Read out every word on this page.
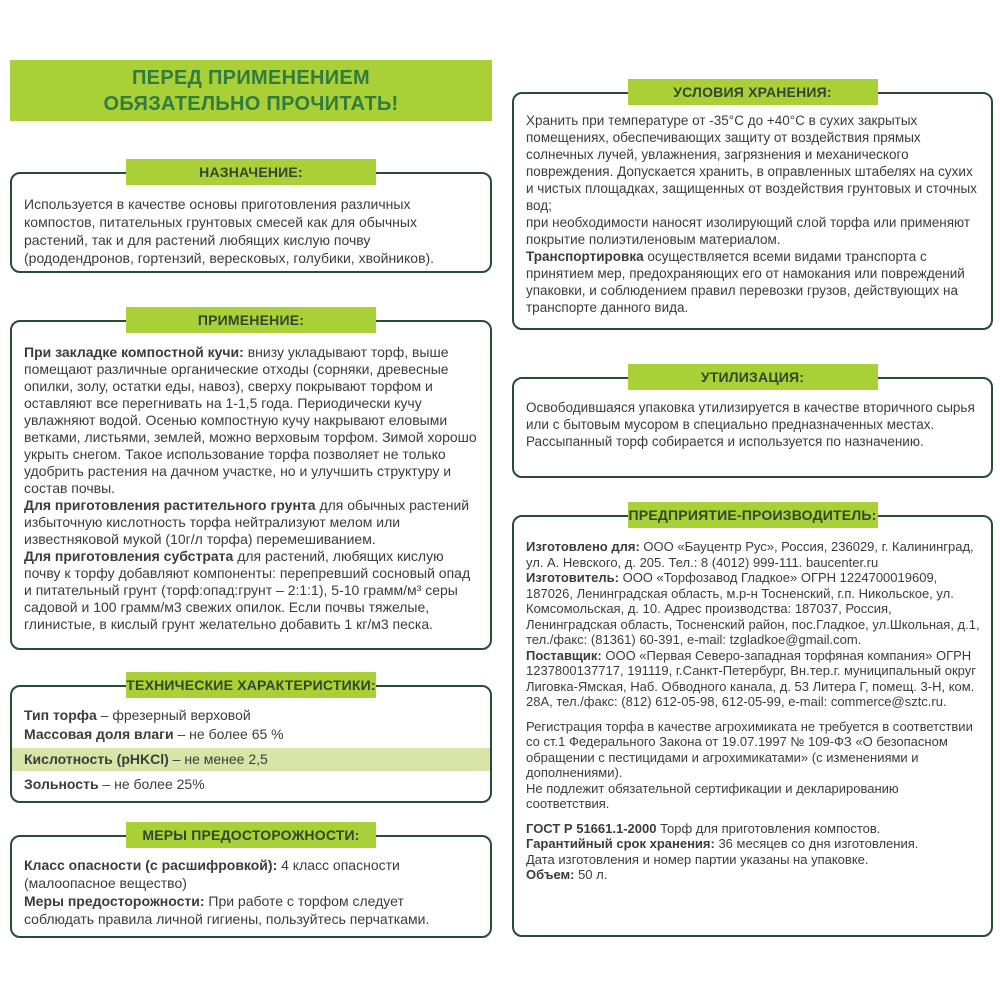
ПЕРЕД ПРИМЕНЕНИЕМ
ОБЯЗАТЕЛЬНО ПРОЧИТАТЬ!
НАЗНАЧЕНИЕ:
Используется в качестве основы приготовления различных компостов, питательных грунтовых смесей как для обычных растений, так и для растений любящих кислую почву (рододендронов, гортензий, вересковых, голубики, хвойников).
ПРИМЕНЕНИЕ:
При закладке компостной кучи: внизу укладывают торф, выше помещают различные органические отходы (сорняки, древесные опилки, золу, остатки еды, навоз), сверху покрывают торфом и оставляют все перегнивать на 1-1,5 года. Периодически кучу увлажняют водой. Осенью компостную кучу накрывают еловыми ветками, листьями, землей, можно верховым торфом. Зимой хорошо укрыть снегом. Такое использование торфа позволяет не только удобрить растения на дачном участке, но и улучшить структуру и состав почвы.
Для приготовления растительного грунта для обычных растений избыточную кислотность торфа нейтрализуют мелом или известняковой мукой (10г/л торфа) перемешиванием.
Для приготовления субстрата для растений, любящих кислую почву к торфу добавляют компоненты: перепревший сосновый опад и питательный грунт (торф:опад:грунт – 2:1:1), 5-10 грамм/м³ серы садовой и 100 грамм/м3 свежих опилок. Если почвы тяжелые, глинистые, в кислый грунт желательно добавить 1 кг/м3 песка.
ТЕХНИЧЕСКИЕ ХАРАКТЕРИСТИКИ:
Тип торфа – фрезерный верховой
Массовая доля влаги – не более 65 %
Кислотность (pHKCl) – не менее 2,5
Зольность – не более 25%
МЕРЫ ПРЕДОСТОРОЖНОСТИ:
Класс опасности (с расшифровкой): 4 класс опасности (малоопасное вещество)
Меры предосторожности: При работе с торфом следует соблюдать правила личной гигиены, пользуйтесь перчатками.
УСЛОВИЯ ХРАНЕНИЯ:
Хранить при температуре от -35°C до +40°C в сухих закрытых помещениях, обеспечивающих защиту от воздействия прямых солнечных лучей, увлажнения, загрязнения и механического повреждения. Допускается хранить, в оправленных штабелях на сухих и чистых площадках, защищенных от воздействия грунтовых и сточных вод;
при необходимости наносят изолирующий слой торфа или применяют покрытие полиэтиленовым материалом.
Транспортировка осуществляется всеми видами транспорта с принятием мер, предохраняющих его от намокания или повреждений упаковки, и соблюдением правил перевозки грузов, действующих на транспорте данного вида.
УТИЛИЗАЦИЯ:
Освободившаяся упаковка утилизируется в качестве вторичного сырья или с бытовым мусором в специально предназначенных местах. Рассыпанный торф собирается и используется по назначению.
ПРЕДПРИЯТИЕ-ПРОИЗВОДИТЕЛЬ:
Изготовлено для: ООО «Бауцентр Рус», Россия, 236029, г. Калининград, ул. А. Невского, д. 205. Тел.: 8 (4012) 999-111. baucenter.ru
Изготовитель: ООО «Торфозавод Гладкое» ОГРН 1224700019609, 187026, Ленинградская область, м.р-н Тосненский, г.п. Никольское, ул. Комсомольская, д. 10. Адрес производства: 187037, Россия, Ленинградская область, Тосненский район, пос.Гладкое, ул.Школьная, д.1, тел./факс: (81361) 60-391, e-mail: tzgladkoe@gmail.com.
Поставщик: ООО «Первая Северо-западная торфяная компания» ОГРН 1237800137717, 191119, г.Санкт-Петербург, Вн.тер.г. муниципальный округ Лиговка-Ямская, Наб. Обводного канала, д. 53 Литера Г, помещ. 3-Н, ком. 28А, тел./факс: (812) 612-05-98, 612-05-99, e-mail: commerce@sztc.ru.
Регистрация торфа в качестве агрохимиката не требуется в соответствии со ст.1 Федерального Закона от 19.07.1997 № 109-ФЗ «О безопасном обращении с пестицидами и агрохимикатами» (с изменениями и дополнениями).
Не подлежит обязательной сертификации и декларированию соответствия.
ГОСТ Р 51661.1-2000 Торф для приготовления компостов.
Гарантийный срок хранения: 36 месяцев со дня изготовления.
Дата изготовления и номер партии указаны на упаковке.
Объем: 50 л.
